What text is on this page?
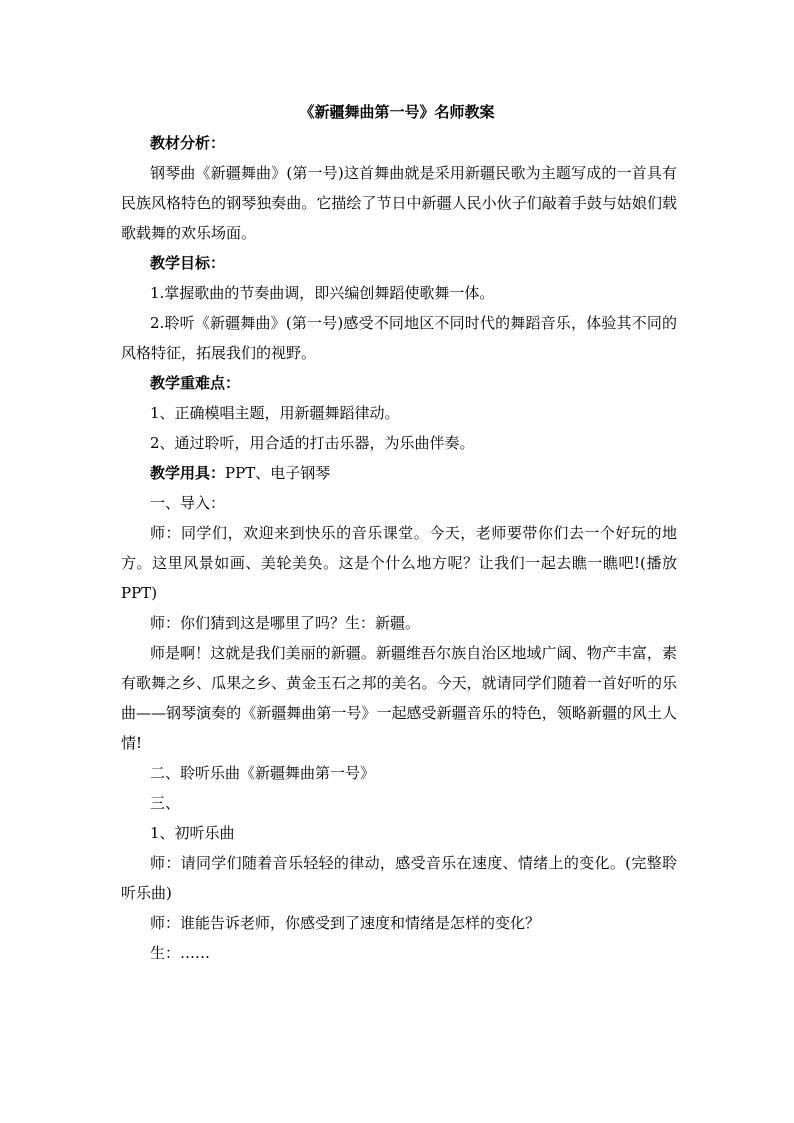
《新疆舞曲第一号》名师教案

教材分析：

钢琴曲《新疆舞曲》(第一号)这首舞曲就是采用新疆民歌为主题写成的一首具有民族风格特色的钢琴独奏曲。它描绘了节日中新疆人民小伙子们敲着手鼓与姑娘们载歌载舞的欢乐场面。

教学目标：

1.掌握歌曲的节奏曲调，即兴编创舞蹈使歌舞一体。

2.聆听《新疆舞曲》(第一号)感受不同地区不同时代的舞蹈音乐，体验其不同的风格特征，拓展我们的视野。

教学重难点：

1、正确模唱主题，用新疆舞蹈律动。

2、通过聆听，用合适的打击乐器，为乐曲伴奏。

教学用具：PPT、电子钢琴

一、导入：

师：同学们，欢迎来到快乐的音乐课堂。今天，老师要带你们去一个好玩的地方。这里风景如画、美轮美奂。这是个什么地方呢？让我们一起去瞧一瞧吧!(播放PPT)

师：你们猜到这是哪里了吗？生：新疆。

师是啊！这就是我们美丽的新疆。新疆维吾尔族自治区地域广阔、物产丰富，素有歌舞之乡、瓜果之乡、黄金玉石之邦的美名。今天，就请同学们随着一首好听的乐曲——钢琴演奏的《新疆舞曲第一号》一起感受新疆音乐的特色，领略新疆的风土人情!

二、聆听乐曲《新疆舞曲第一号》

三、

1、初听乐曲

师：请同学们随着音乐轻轻的律动，感受音乐在速度、情绪上的变化。(完整聆听乐曲)

师：谁能告诉老师，你感受到了速度和情绪是怎样的变化？

生：……
